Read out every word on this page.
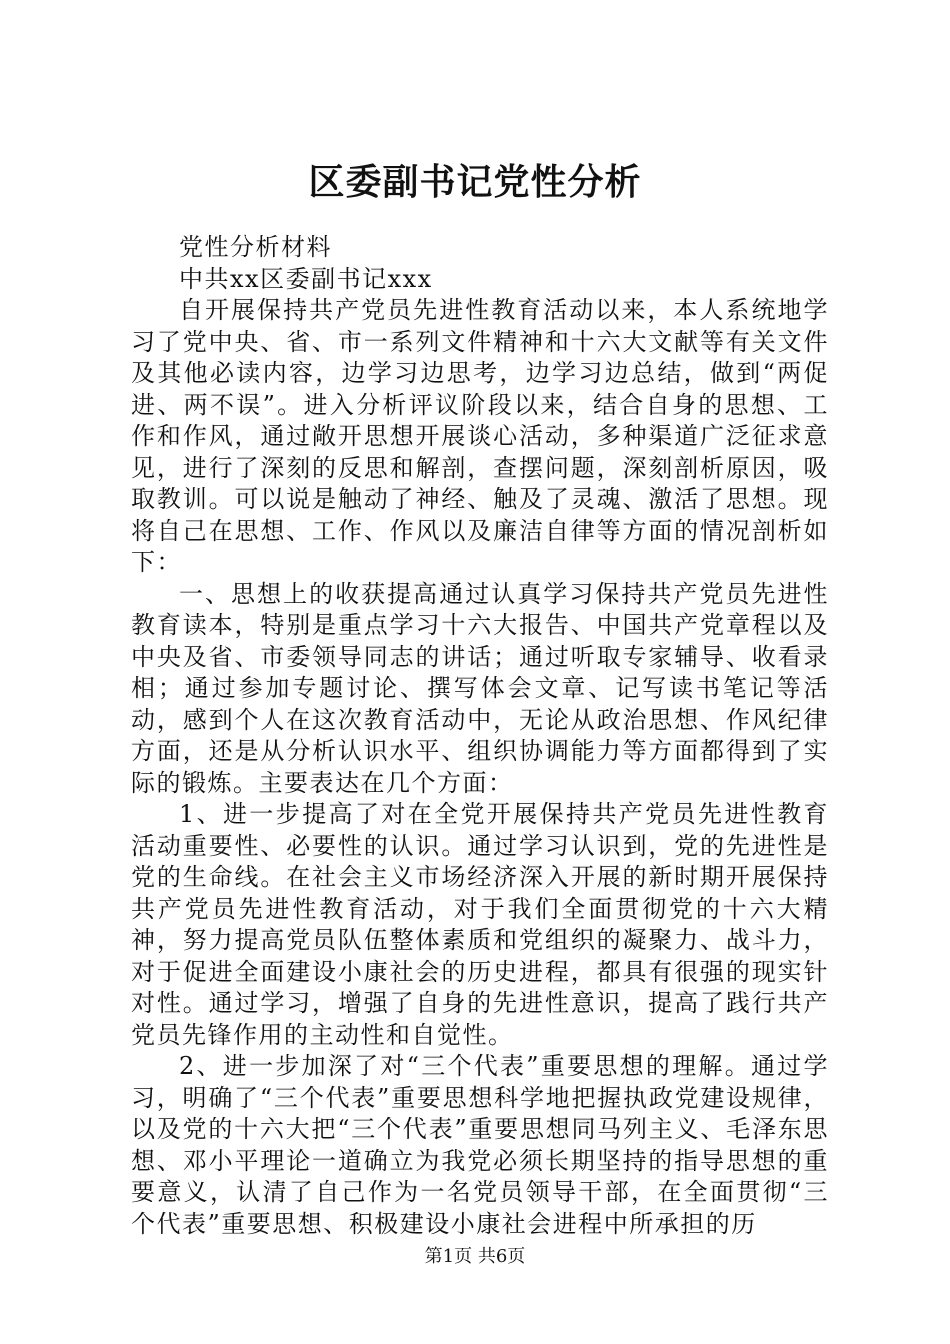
区委副书记党性分析

党性分析材料

中共xx区委副书记xxx

自开展保持共产党员先进性教育活动以来，本人系统地学习了党中央、省、市一系列文件精神和十六大文献等有关文件及其他必读内容，边学习边思考，边学习边总结，做到“两促进、两不误”。进入分析评议阶段以来，结合自身的思想、工作和作风，通过敞开思想开展谈心活动，多种渠道广泛征求意见，进行了深刻的反思和解剖，查摆问题，深刻剖析原因，吸取教训。可以说是触动了神经、触及了灵魂、激活了思想。现将自己在思想、工作、作风以及廉洁自律等方面的情况剖析如下：

一、思想上的收获提高通过认真学习保持共产党员先进性教育读本，特别是重点学习十六大报告、中国共产党章程以及中央及省、市委领导同志的讲话；通过听取专家辅导、收看录相；通过参加专题讨论、撰写体会文章、记写读书笔记等活动，感到个人在这次教育活动中，无论从政治思想、作风纪律方面，还是从分析认识水平、组织协调能力等方面都得到了实际的锻炼。主要表达在几个方面：

1、进一步提高了对在全党开展保持共产党员先进性教育活动重要性、必要性的认识。通过学习认识到，党的先进性是党的生命线。在社会主义市场经济深入开展的新时期开展保持共产党员先进性教育活动，对于我们全面贯彻党的十六大精神，努力提高党员队伍整体素质和党组织的凝聚力、战斗力，对于促进全面建设小康社会的历史进程，都具有很强的现实针对性。通过学习，增强了自身的先进性意识，提高了践行共产党员先锋作用的主动性和自觉性。

2、进一步加深了对“三个代表”重要思想的理解。通过学习，明确了“三个代表”重要思想科学地把握执政党建设规律，以及党的十六大把“三个代表”重要思想同马列主义、毛泽东思想、邓小平理论一道确立为我党必须长期坚持的指导思想的重要意义，认清了自己作为一名党员领导干部，在全面贯彻“三个代表”重要思想、积极建设小康社会进程中所承担的历

第1页 共6页
